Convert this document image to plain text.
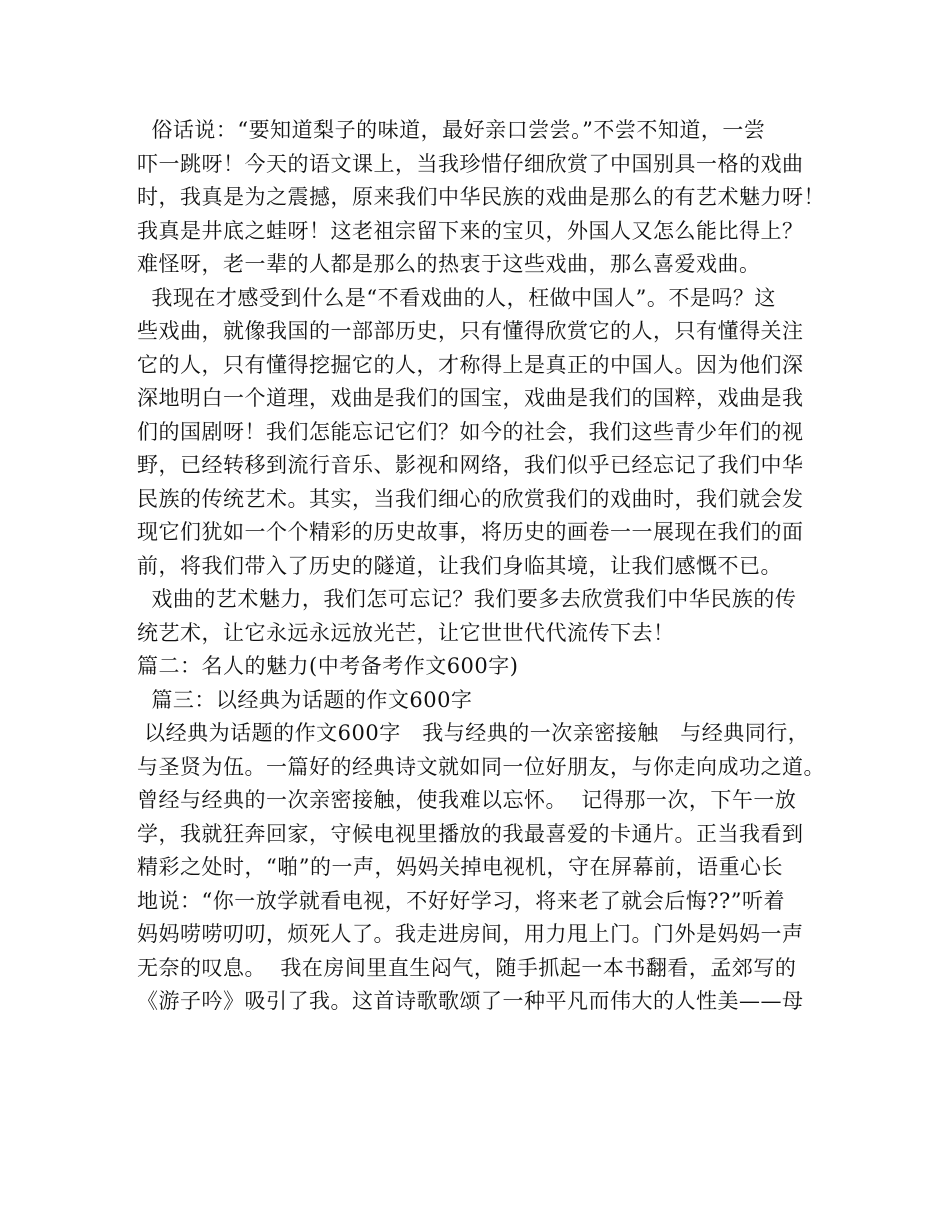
俗话说：“要知道梨子的味道，最好亲口尝尝。”不尝不知道，一尝

吓一跳呀！今天的语文课上，当我珍惜仔细欣赏了中国别具一格的戏曲

时，我真是为之震撼，原来我们中华民族的戏曲是那么的有艺术魅力呀！

我真是井底之蛙呀！这老祖宗留下来的宝贝，外国人又怎么能比得上？

难怪呀，老一辈的人都是那么的热衷于这些戏曲，那么喜爱戏曲。

我现在才感受到什么是“不看戏曲的人，枉做中国人”。不是吗？这

些戏曲，就像我国的一部部历史，只有懂得欣赏它的人，只有懂得关注

它的人，只有懂得挖掘它的人，才称得上是真正的中国人。因为他们深

深地明白一个道理，戏曲是我们的国宝，戏曲是我们的国粹，戏曲是我

们的国剧呀！我们怎能忘记它们？如今的社会，我们这些青少年们的视

野，已经转移到流行音乐、影视和网络，我们似乎已经忘记了我们中华

民族的传统艺术。其实，当我们细心的欣赏我们的戏曲时，我们就会发

现它们犹如一个个精彩的历史故事，将历史的画卷一一展现在我们的面

前，将我们带入了历史的隧道，让我们身临其境，让我们感慨不已。

戏曲的艺术魅力，我们怎可忘记？我们要多去欣赏我们中华民族的传

统艺术，让它永远永远放光芒，让它世世代代流传下去！

篇二：名人的魅力(中考备考作文600字)

篇三：以经典为话题的作文600字

以经典为话题的作文600字   我与经典的一次亲密接触   与经典同行，

与圣贤为伍。一篇好的经典诗文就如同一位好朋友，与你走向成功之道。

曾经与经典的一次亲密接触，使我难以忘怀。  记得那一次，下午一放

学，我就狂奔回家，守候电视里播放的我最喜爱的卡通片。正当我看到

精彩之处时，“啪”的一声，妈妈关掉电视机，守在屏幕前，语重心长

地说：“你一放学就看电视，不好好学习，将来老了就会后悔??”听着

妈妈唠唠叨叨，烦死人了。我走进房间，用力甩上门。门外是妈妈一声

无奈的叹息。  我在房间里直生闷气，随手抓起一本书翻看，孟郊写的

《游子吟》吸引了我。这首诗歌歌颂了一种平凡而伟大的人性美——母
